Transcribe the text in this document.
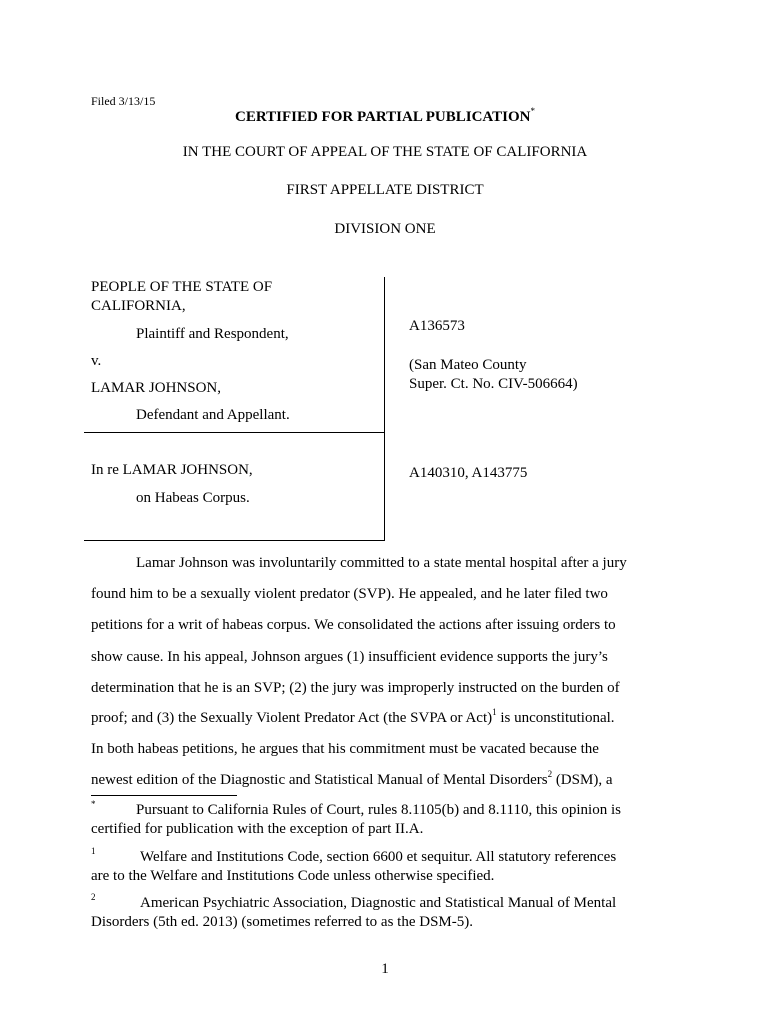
Filed 3/13/15
CERTIFIED FOR PARTIAL PUBLICATION*
IN THE COURT OF APPEAL OF THE STATE OF CALIFORNIA
FIRST APPELLATE DISTRICT
DIVISION ONE
PEOPLE OF THE STATE OF
CALIFORNIA,
Plaintiff and Respondent,
v.
LAMAR JOHNSON,
Defendant and Appellant.
A136573
(San Mateo County
Super. Ct. No. CIV-506664)
In re LAMAR JOHNSON,
on Habeas Corpus.
A140310, A143775
Lamar Johnson was involuntarily committed to a state mental hospital after a jury
found him to be a sexually violent predator (SVP). He appealed, and he later filed two
petitions for a writ of habeas corpus. We consolidated the actions after issuing orders to
show cause. In his appeal, Johnson argues (1) insufficient evidence supports the jury’s
determination that he is an SVP; (2) the jury was improperly instructed on the burden of
proof; and (3) the Sexually Violent Predator Act (the SVPA or Act)$^1$ is unconstitutional.
In both habeas petitions, he argues that his commitment must be vacated because the
newest edition of the Diagnostic and Statistical Manual of Mental Disorders$^2$ (DSM), a
*	Pursuant to California Rules of Court, rules 8.1105(b) and 8.1110, this opinion is
certified for publication with the exception of part II.A.
1	Welfare and Institutions Code, section 6600 et sequitur. All statutory references
are to the Welfare and Institutions Code unless otherwise specified.
2	American Psychiatric Association, Diagnostic and Statistical Manual of Mental
Disorders (5th ed. 2013) (sometimes referred to as the DSM-5).
1
